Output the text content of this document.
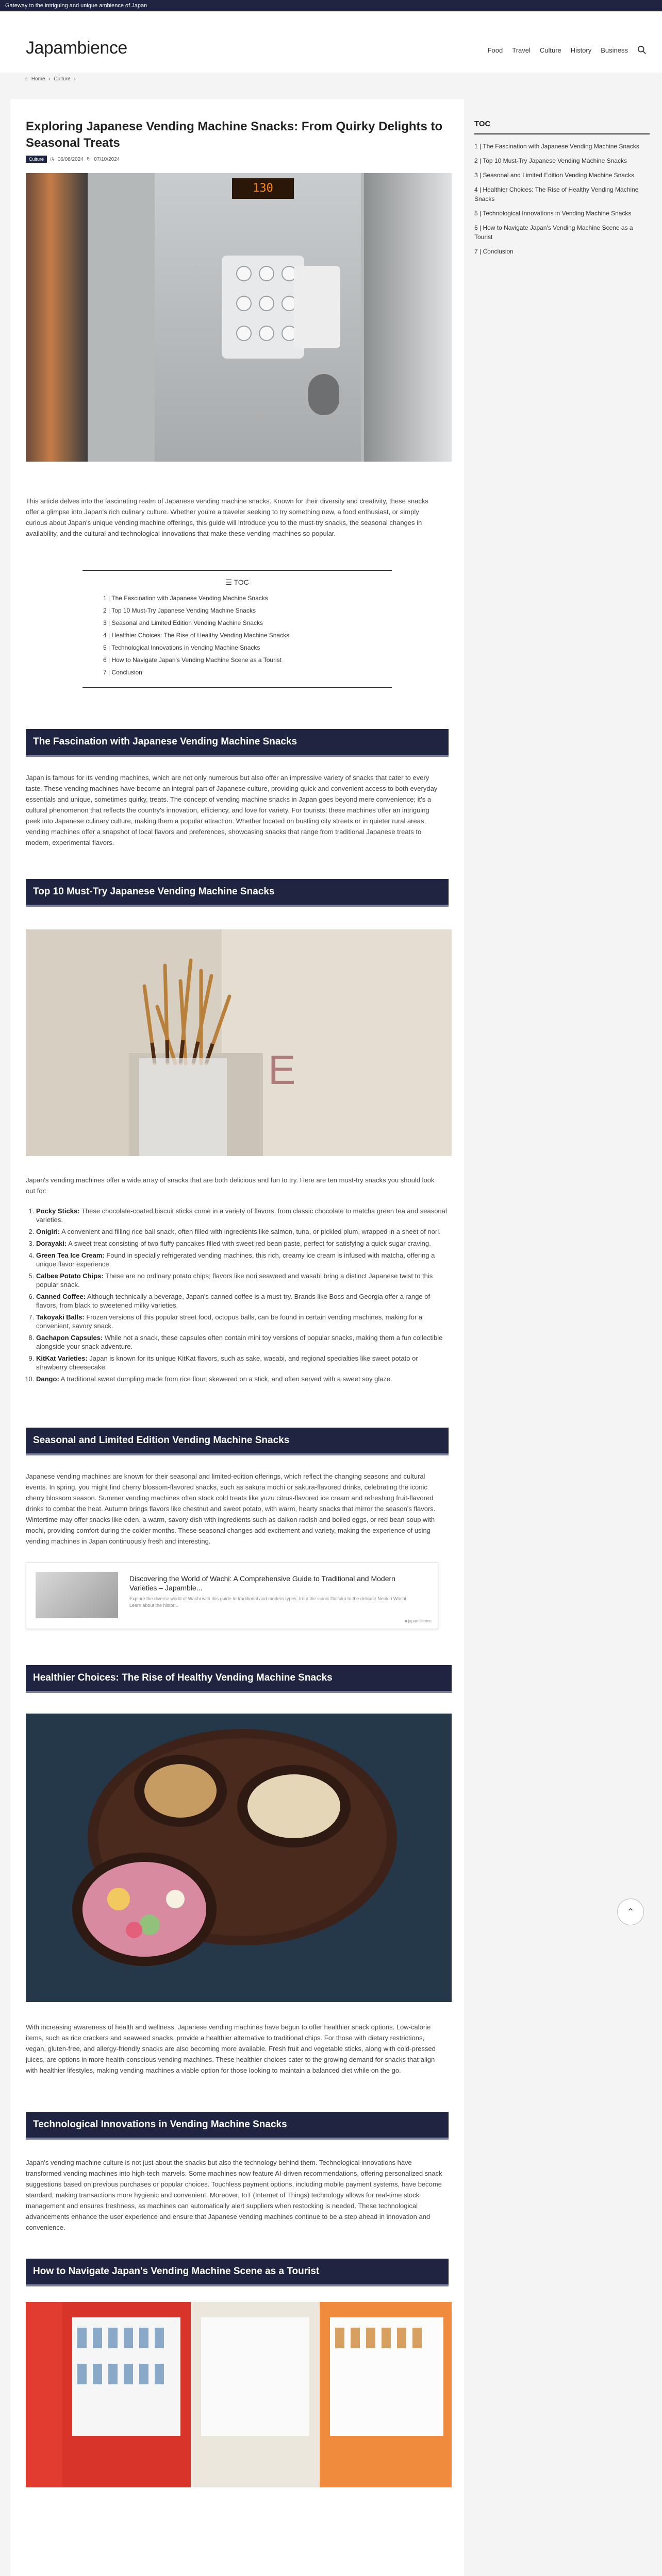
Gateway to the intriguing and unique ambience of Japan
Japambience	Food Travel Culture History Business
⌂ Home › Culture ›
Exploring Japanese Vending Machine Snacks: From Quirky Delights to Seasonal Treats
Culture	◷ 06/08/2024 ↻ 07/10/2024
130

This article delves into the fascinating realm of Japanese vending machine snacks. Known for their diversity and creativity, these snacks offer a glimpse into Japan's rich culinary culture. Whether you're a traveler seeking to try something new, a food enthusiast, or simply curious about Japan's unique vending machine offerings, this guide will introduce you to the must-try snacks, the seasonal changes in availability, and the cultural and technological innovations that make these vending machines so popular.

☰ TOC
1 | The Fascination with Japanese Vending Machine Snacks
2 | Top 10 Must-Try Japanese Vending Machine Snacks
3 | Seasonal and Limited Edition Vending Machine Snacks
4 | Healthier Choices: The Rise of Healthy Vending Machine Snacks
5 | Technological Innovations in Vending Machine Snacks
6 | How to Navigate Japan's Vending Machine Scene as a Tourist
7 | Conclusion
The Fascination with Japanese Vending Machine Snacks

Japan is famous for its vending machines, which are not only numerous but also offer an impressive variety of snacks that cater to every taste. These vending machines have become an integral part of Japanese culture, providing quick and convenient access to both everyday essentials and unique, sometimes quirky, treats. The concept of vending machine snacks in Japan goes beyond mere convenience; it's a cultural phenomenon that reflects the country's innovation, efficiency, and love for variety. For tourists, these machines offer an intriguing peek into Japanese culinary culture, making them a popular attraction. Whether located on bustling city streets or in quieter rural areas, vending machines offer a snapshot of local flavors and preferences, showcasing snacks that range from traditional Japanese treats to modern, experimental flavors.

Top 10 Must-Try Japanese Vending Machine Snacks
E

Japan's vending machines offer a wide array of snacks that are both delicious and fun to try. Here are ten must-try snacks you should look out for:

1. Pocky Sticks: These chocolate-coated biscuit sticks come in a variety of flavors, from classic chocolate to matcha green tea and seasonal varieties.
2. Onigiri: A convenient and filling rice ball snack, often filled with ingredients like salmon, tuna, or pickled plum, wrapped in a sheet of nori.
3. Dorayaki: A sweet treat consisting of two fluffy pancakes filled with sweet red bean paste, perfect for satisfying a quick sugar craving.
4. Green Tea Ice Cream: Found in specially refrigerated vending machines, this rich, creamy ice cream is infused with matcha, offering a unique flavor experience.
5. Calbee Potato Chips: These are no ordinary potato chips; flavors like nori seaweed and wasabi bring a distinct Japanese twist to this popular snack.
6. Canned Coffee: Although technically a beverage, Japan's canned coffee is a must-try. Brands like Boss and Georgia offer a range of flavors, from black to sweetened milky varieties.
7. Takoyaki Balls: Frozen versions of this popular street food, octopus balls, can be found in certain vending machines, making for a convenient, savory snack.
8. Gachapon Capsules: While not a snack, these capsules often contain mini toy versions of popular snacks, making them a fun collectible alongside your snack adventure.
9. KitKat Varieties: Japan is known for its unique KitKat flavors, such as sake, wasabi, and regional specialties like sweet potato or strawberry cheesecake.
10. Dango: A traditional sweet dumpling made from rice flour, skewered on a stick, and often served with a sweet soy glaze.
Seasonal and Limited Edition Vending Machine Snacks

Japanese vending machines are known for their seasonal and limited-edition offerings, which reflect the changing seasons and cultural events. In spring, you might find cherry blossom-flavored snacks, such as sakura mochi or sakura-flavored drinks, celebrating the iconic cherry blossom season. Summer vending machines often stock cold treats like yuzu citrus-flavored ice cream and refreshing fruit-flavored drinks to combat the heat. Autumn brings flavors like chestnut and sweet potato, with warm, hearty snacks that mirror the season's flavors. Wintertime may offer snacks like oden, a warm, savory dish with ingredients such as daikon radish and boiled eggs, or red bean soup with mochi, providing comfort during the colder months. These seasonal changes add excitement and variety, making the experience of using vending machines in Japan continuously fresh and interesting.

Discovering the World of Wachi: A Comprehensive Guide to Traditional and Modern Varieties – Japamble...
Explore the diverse world of Wachi with this guide to traditional and modern types, from the iconic Daifuku to the delicate Nerikiri Wachi. Learn about the histor...
■ japambience
Healthier Choices: The Rise of Healthy Vending Machine Snacks

With increasing awareness of health and wellness, Japanese vending machines have begun to offer healthier snack options. Low-calorie items, such as rice crackers and seaweed snacks, provide a healthier alternative to traditional chips. For those with dietary restrictions, vegan, gluten-free, and allergy-friendly snacks are also becoming more available. Fresh fruit and vegetable sticks, along with cold-pressed juices, are options in more health-conscious vending machines. These healthier choices cater to the growing demand for snacks that align with healthier lifestyles, making vending machines a viable option for those looking to maintain a balanced diet while on the go.

Technological Innovations in Vending Machine Snacks

Japan's vending machine culture is not just about the snacks but also the technology behind them. Technological innovations have transformed vending machines into high-tech marvels. Some machines now feature AI-driven recommendations, offering personalized snack suggestions based on previous purchases or popular choices. Touchless payment options, including mobile payment systems, have become standard, making transactions more hygienic and convenient. Moreover, IoT (Internet of Things) technology allows for real-time stock management and ensures freshness, as machines can automatically alert suppliers when restocking is needed. These technological advancements enhance the user experience and ensure that Japanese vending machines continue to be a step ahead in innovation and convenience.

How to Navigate Japan's Vending Machine Scene as a Tourist
TOC
1 | The Fascination with Japanese Vending Machine Snacks
2 | Top 10 Must-Try Japanese Vending Machine Snacks
3 | Seasonal and Limited Edition Vending Machine Snacks
4 | Healthier Choices: The Rise of Healthy Vending Machine Snacks
5 | Technological Innovations in Vending Machine Snacks
6 | How to Navigate Japan's Vending Machine Scene as a Tourist
7 | Conclusion
⌃
